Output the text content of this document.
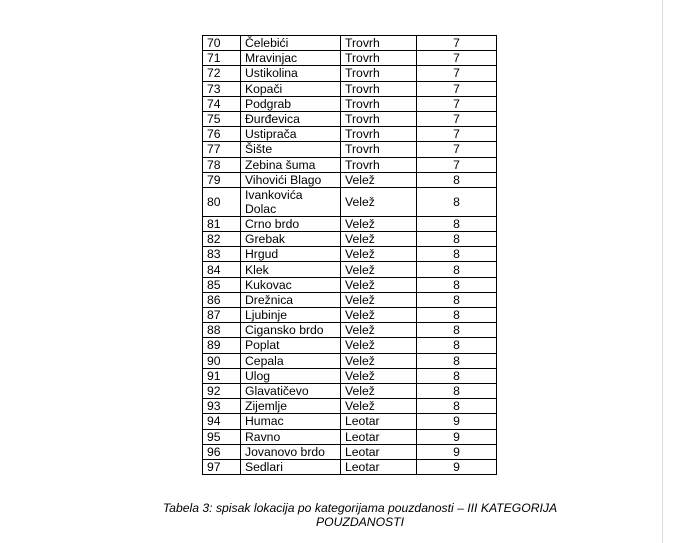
70	Čelebići	Trovrh	7
71	Mravinjac	Trovrh	7
72	Ustikolina	Trovrh	7
73	Kopači	Trovrh	7
74	Podgrab	Trovrh	7
75	Đurđevica	Trovrh	7
76	Ustiprača	Trovrh	7
77	Šište	Trovrh	7
78	Zebina šuma	Trovrh	7
79	Vihovići Blago	Velež	8
80	Ivankovića Dolac	Velež	8
81	Crno brdo	Velež	8
82	Grebak	Velež	8
83	Hrgud	Velež	8
84	Klek	Velež	8
85	Kukovac	Velež	8
86	Drežnica	Velež	8
87	Ljubinje	Velež	8
88	Cigansko brdo	Velež	8
89	Poplat	Velež	8
90	Cepala	Velež	8
91	Ulog	Velež	8
92	Glavatičevo	Velež	8
93	Zijemlje	Velež	8
94	Humac	Leotar	9
95	Ravno	Leotar	9
96	Jovanovo brdo	Leotar	9
97	Sedlari	Leotar	9
Tabela 3: spisak lokacija po kategorijama pouzdanosti – III KATEGORIJA
POUZDANOSTI
